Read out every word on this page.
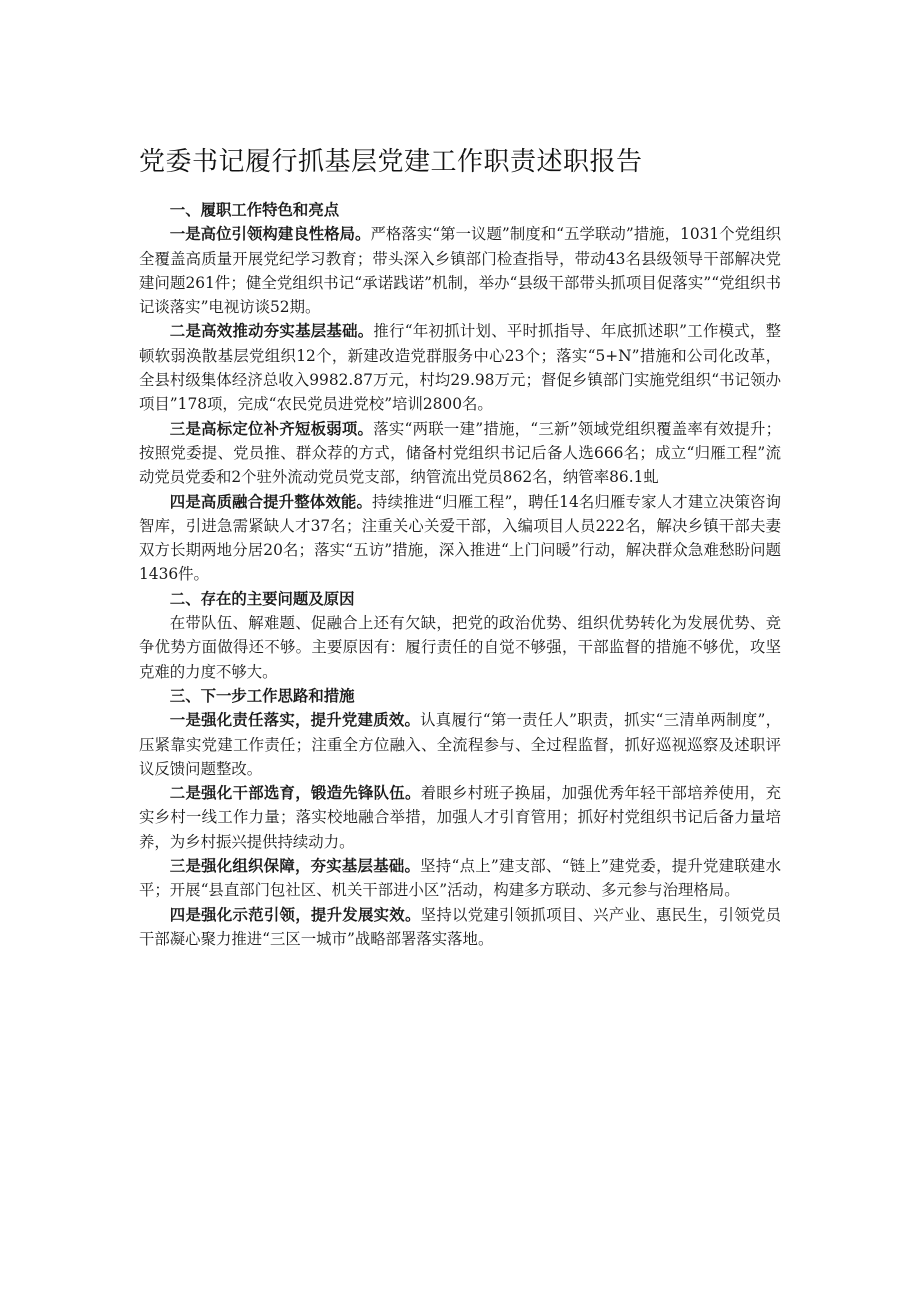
党委书记履行抓基层党建工作职责述职报告

一、履职工作特色和亮点

一是高位引领构建良性格局。严格落实“第一议题”制度和“五学联动”措施，1031个党组织全覆盖高质量开展党纪学习教育；带头深入乡镇部门检查指导，带动43名县级领导干部解决党建问题261件；健全党组织书记“承诺践诺”机制，举办“县级干部带头抓项目促落实”“党组织书记谈落实”电视访谈52期。

二是高效推动夯实基层基础。推行“年初抓计划、平时抓指导、年底抓述职”工作模式，整顿软弱涣散基层党组织12个，新建改造党群服务中心23个；落实“5+N”措施和公司化改革，全县村级集体经济总收入9982.87万元，村均29.98万元；督促乡镇部门实施党组织“书记领办项目”178项，完成“农民党员进党校”培训2800名。

三是高标定位补齐短板弱项。落实“两联一建”措施，“三新”领域党组织覆盖率有效提升；按照党委提、党员推、群众荐的方式，储备村党组织书记后备人选666名；成立“归雁工程”流动党员党委和2个驻外流动党员党支部，纳管流出党员862名，纳管率86.1虬

四是高质融合提升整体效能。持续推进“归雁工程”，聘任14名归雁专家人才建立决策咨询智库，引进急需紧缺人才37名；注重关心关爱干部，入编项目人员222名，解决乡镇干部夫妻双方长期两地分居20名；落实“五访”措施，深入推进“上门问暖”行动，解决群众急难愁盼问题1436件。

二、存在的主要问题及原因

在带队伍、解难题、促融合上还有欠缺，把党的政治优势、组织优势转化为发展优势、竞争优势方面做得还不够。主要原因有：履行责任的自觉不够强，干部监督的措施不够优，攻坚克难的力度不够大。

三、下一步工作思路和措施

一是强化责任落实，提升党建质效。认真履行“第一责任人”职责，抓实“三清单两制度”，压紧靠实党建工作责任；注重全方位融入、全流程参与、全过程监督，抓好巡视巡察及述职评议反馈问题整改。

二是强化干部选育，锻造先锋队伍。着眼乡村班子换届，加强优秀年轻干部培养使用，充实乡村一线工作力量；落实校地融合举措，加强人才引育管用；抓好村党组织书记后备力量培养，为乡村振兴提供持续动力。

三是强化组织保障，夯实基层基础。坚持“点上”建支部、“链上”建党委，提升党建联建水平；开展“县直部门包社区、机关干部进小区”活动，构建多方联动、多元参与治理格局。

四是强化示范引领，提升发展实效。坚持以党建引领抓项目、兴产业、惠民生，引领党员干部凝心聚力推进“三区一城市”战略部署落实落地。
